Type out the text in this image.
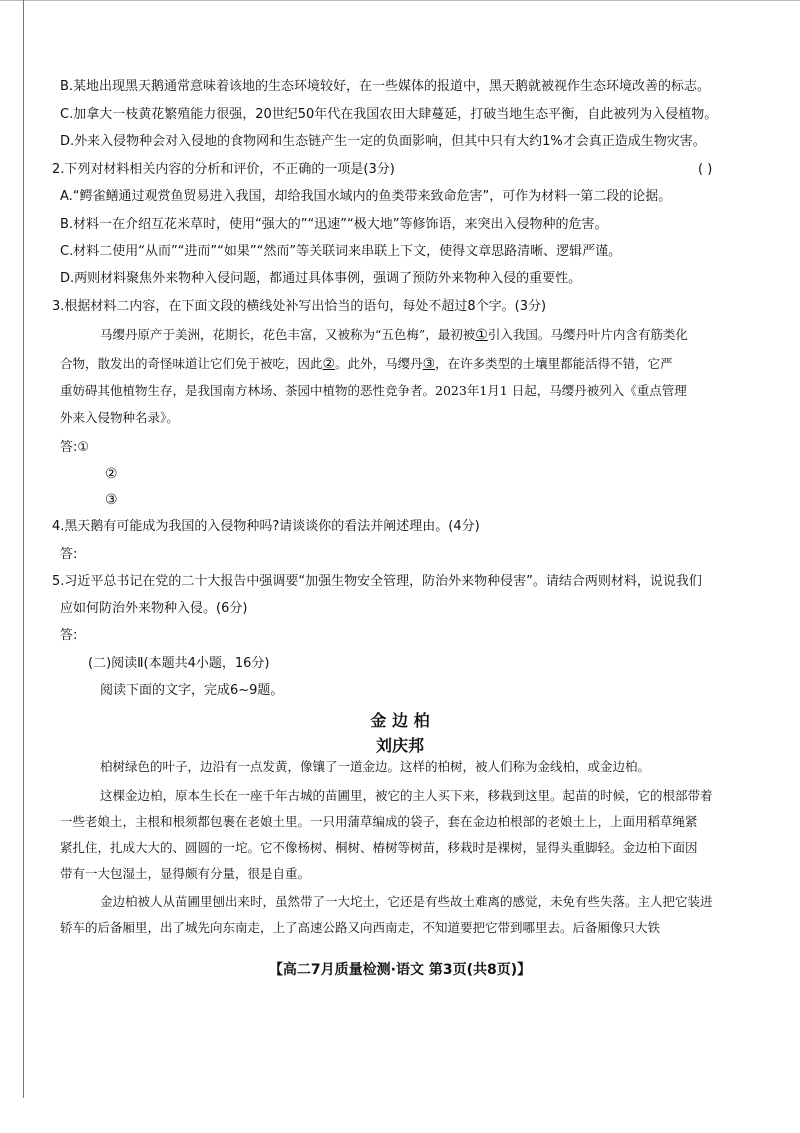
B.某地出现黑天鹅通常意味着该地的生态环境较好，在一些媒体的报道中，黑天鹅就被视作生态环境改善的标志。
C.加拿大一枝黄花繁殖能力很强，20世纪50年代在我国农田大肆蔓延，打破当地生态平衡，自此被列为入侵植物。
D.外来入侵物种会对入侵地的食物网和生态链产生一定的负面影响，但其中只有大约1%才会真正造成生物灾害。
2.下列对材料相关内容的分析和评价，不正确的一项是(3分)	( )
A.“鳄雀鳝通过观赏鱼贸易进入我国，却给我国水域内的鱼类带来致命危害”，可作为材料一第二段的论据。
B.材料一在介绍互花米草时，使用“强大的”“迅速”“极大地”等修饰语，来突出入侵物种的危害。
C.材料二使用“从而”“进而”“如果”“然而”等关联词来串联上下文，使得文章思路清晰、逻辑严谨。
D.两则材料聚焦外来物种入侵问题，都通过具体事例，强调了预防外来物种入侵的重要性。
3.根据材料二内容，在下面文段的横线处补写出恰当的语句，每处不超过8个字。(3分)
马缨丹原产于美洲，花期长，花色丰富，又被称为“五色梅”，最初被①引入我国。马缨丹叶片内含有筋类化
合物，散发出的奇怪味道让它们免于被吃，因此②。此外，马缨丹③，在许多类型的土壤里都能活得不错，它严
重妨碍其他植物生存，是我国南方林场、茶园中植物的恶性竞争者。2023年1月1 日起，马缨丹被列入《重点管理
外来入侵物种名录》。
答:①
②
③
4.黑天鹅有可能成为我国的入侵物种吗?请谈谈你的看法并阐述理由。(4分)
答:
5.习近平总书记在党的二十大报告中强调要“加强生物安全管理，防治外来物种侵害”。请结合两则材料，说说我们
应如何防治外来物种入侵。(6分)
答:
(二)阅读Ⅱ(本题共4小题，16分)
阅读下面的文字，完成6~9题。
金 边 柏
刘庆邦
柏树绿色的叶子，边沿有一点发黄，像镶了一道金边。这样的柏树，被人们称为金线柏，或金边柏。
这棵金边柏，原本生长在一座千年古城的苗圃里，被它的主人买下来，移栽到这里。起苗的时候，它的根部带着
一些老娘土，主根和根须都包裹在老娘土里。一只用蒲草编成的袋子，套在金边柏根部的老娘土上，上面用稻草绳紧
紧扎住，扎成大大的、圆圆的一坨。它不像杨树、桐树、椿树等树苗，移栽时是裸树，显得头重脚轻。金边柏下面因
带有一大包湿土，显得颇有分量，很是自重。
金边柏被人从苗圃里刨出来时，虽然带了一大坨土，它还是有些故土难离的感觉，未免有些失落。主人把它装进
轿车的后备厢里，出了城先向东南走，上了高速公路又向西南走，不知道要把它带到哪里去。后备厢像只大铁
【高二7月质量检测·语文 第3页(共8页)】
